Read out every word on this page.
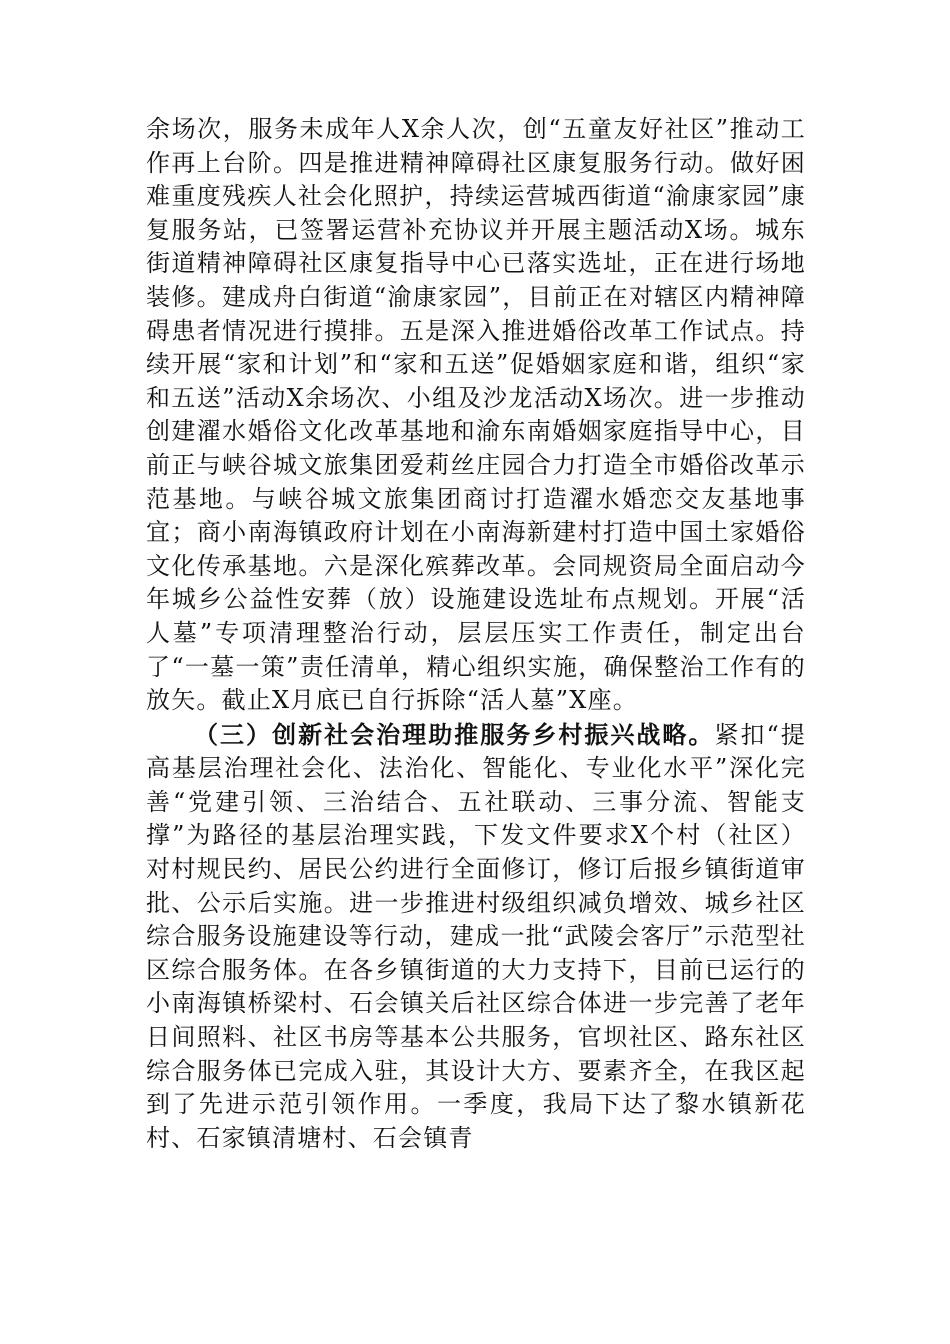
余场次，服务未成年人X余人次，创“五童友好社区”推动工作再上台阶。四是推进精神障碍社区康复服务行动。做好困难重度残疾人社会化照护，持续运营城西街道“渝康家园”康复服务站，已签署运营补充协议并开展主题活动X场。城东街道精神障碍社区康复指导中心已落实选址，正在进行场地装修。建成舟白街道“渝康家园”，目前正在对辖区内精神障碍患者情况进行摸排。五是深入推进婚俗改革工作试点。持续开展“家和计划”和“家和五送”促婚姻家庭和谐，组织“家和五送”活动X余场次、小组及沙龙活动X场次。进一步推动创建濯水婚俗文化改革基地和渝东南婚姻家庭指导中心，目前正与峡谷城文旅集团爱莉丝庄园合力打造全市婚俗改革示范基地。与峡谷城文旅集团商讨打造濯水婚恋交友基地事宜；商小南海镇政府计划在小南海新建村打造中国土家婚俗文化传承基地。六是深化殡葬改革。会同规资局全面启动今年城乡公益性安葬（放）设施建设选址布点规划。开展“活人墓”专项清理整治行动，层层压实工作责任，制定出台了“一墓一策”责任清单，精心组织实施，确保整治工作有的放矢。截止X月底已自行拆除“活人墓”X座。

（三）创新社会治理助推服务乡村振兴战略。紧扣“提高基层治理社会化、法治化、智能化、专业化水平”深化完善“党建引领、三治结合、五社联动、三事分流、智能支撑”为路径的基层治理实践，下发文件要求X个村（社区）对村规民约、居民公约进行全面修订，修订后报乡镇街道审批、公示后实施。进一步推进村级组织减负增效、城乡社区综合服务设施建设等行动，建成一批“武陵会客厅”示范型社区综合服务体。在各乡镇街道的大力支持下，目前已运行的小南海镇桥梁村、石会镇关后社区综合体进一步完善了老年日间照料、社区书房等基本公共服务，官坝社区、路东社区综合服务体已完成入驻，其设计大方、要素齐全，在我区起到了先进示范引领作用。一季度，我局下达了黎水镇新花村、石家镇清塘村、石会镇青
